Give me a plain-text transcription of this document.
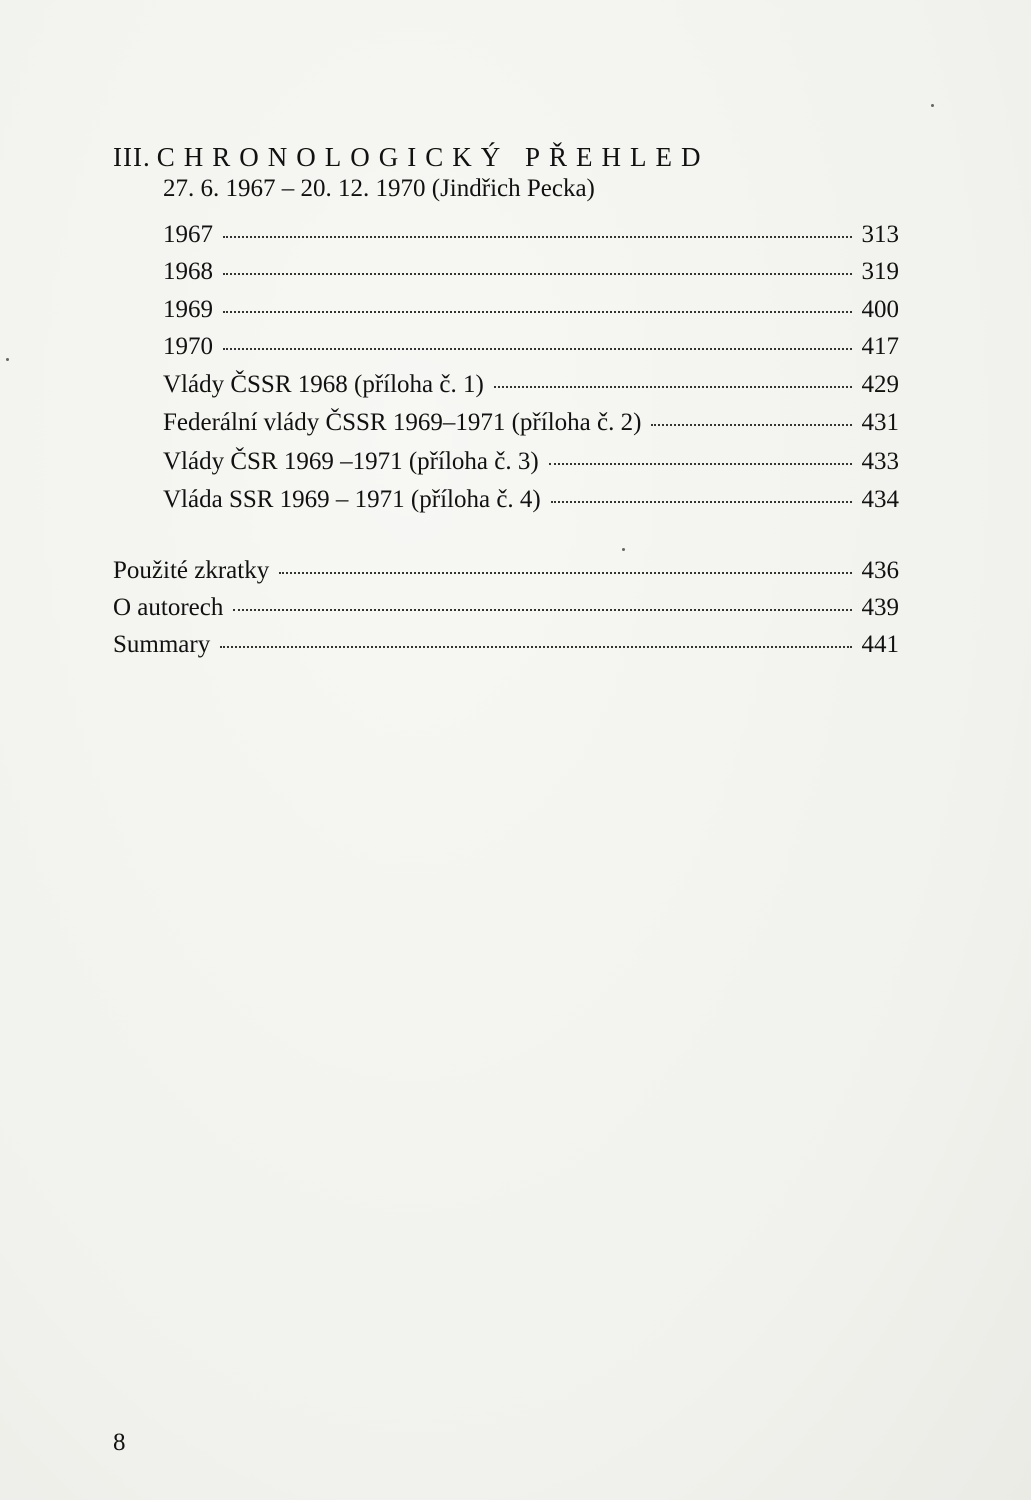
III. CHRONOLOGICKÝ PŘEHLED
27. 6. 1967 – 20. 12. 1970 (Jindřich Pecka)
1967	313
1968	319
1969	400
1970	417
Vlády ČSSR 1968 (příloha č. 1)	429
Federální vlády ČSSR 1969–1971 (příloha č. 2)	431
Vlády ČSR 1969 –1971 (příloha č. 3)	433
Vláda SSR 1969 – 1971 (příloha č. 4)	434
Použité zkratky	436
O autorech	439
Summary	441
8
